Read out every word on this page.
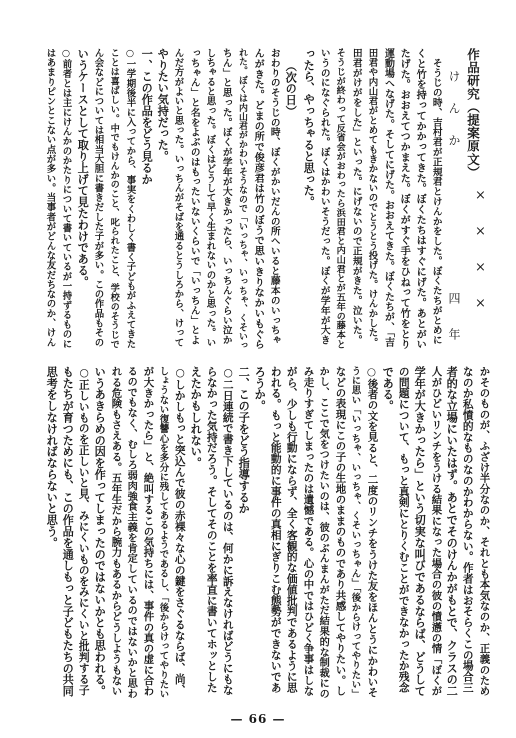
作品研究（提案原文）
×　×　×　×
け　ん　か
四　年
　そうじの時、吉村君が正規君とけんかをした。ぼくたちがとめに
くと竹を持ってかかってきた。ぼくたちはすぐにげた。あとがい
たげた。おおえてつかまえた。ぼくがすぐ手をひねって竹をとり
運動場へなげた。そしてにげた。おおえてきた。ぼくたちが、「吉
田君や内山君がとめてもきかないのでとうとう投げた。けんかした。
田君がけがをした」といった。にげないので正規がきた。泣いた。
そうじが終わって反省会がおわったら浜田君と内山君とが五年の藤本と
いうのになぐられた。ぼくはかわいそうだった。ぼくが学年が大き
ったら、やっちゃると思った。
（次の日）
おわりのそうじの時、ぼくがかいだんの所へいると藤本のいっちゃ
んがきた。どまの所で俊彦君は竹のぼうで思いきりなかいもぐら
れた。ぼくは内山君がかわいそうなので「いっちゃ、いっちゃ、くそいっ
ちん」と思った。ぼくが学年が大きかったら、いっちんぐらい泣か
しちゃると思った。ぼくはどうして早く生まれないのかと思った。い
っちゃん」と名をよぶのはもったいないくらいで「いっちん」とよ
んだ方がよいと思った。いっちんがそばを通るとうしろから、けって
やりたい気持だった。
一、この作品をどう見るか
○一学期後半に入ってから、事実をくわしく書く子どもがふえてきた
ことは喜ばしい。中でもけんかのこと、叱られたこと、学校のそうじで
ん会などについては相当大胆に書きだした子が多い。この作品もその
いうケースとして取り上げて見たわけである。
○前者とは主にけんかのかたりについて書いているが一持ずるものに
はあまりピンとこない点が多い。当事者がどんな友だちなのか、けん
かそのものが、ふざけ半分なのか、それとも本気なのか、正義のため
なのか私憤的なものなのかわからない。作者はおそらくこの場合三
者的な立場にいたはず。あとでそのけんかがもとで、クラスの二
人がひどいリンチをうける結果になった場合の彼の憤懣の情「ぼくが
学年が大きかったら」という切実な叫びであるならば、どうして
の問題について、もっと真剣にとりくむことができなかったか残念
である。
○後者の文を見ると、二度のリンチをうけた友をほんとうにかわいそ
うに思い「いっちゃ、いっちゃ、くそいっちゃん」「後からけってやりたい」
などの表現にこの子の生地のままのものであり共感してやりたい。し
かし、ここで気をつけたいのは、彼のぶんまんがただ結果的な制裁にの
み走りすぎてしまったのは遺憾である。心の中ではひどく争事はしな
がら、少しも行動にならず、全く客観的な価値批判であるように思
われる。もっと能動的に事件の真相にぎりこむ態勢ができないであ
ろうか。
二、この子をどう指導するか
○二日連続で書き下しているのは、何かに訴えなければどうにもな
らなかった気持だろう。そしてそのことを率直に書いてホッとした
えたかもしれない。
○しかしもっと突込んで彼の赤裸々な心の鍵をさぐるならば、尚、
しょうない復讐心を多分に残してあるようであるし、「後からけってやりたい
が大きかったら」と、絶叫するこの気持ちには、事件の真の虚に合わ
るのでもなく、むしろ弱肉強食主義を肯定しているのではないかと思わ
れる危険もさえある。五年生だから腕力もあるからどうしようもない
いうあきらめの因を作ってしまったのではないかとも思われる。
○正しいものを正しいと見、みにくいものをみにくいと批判する子
もたちが育つためにも、この作品を通しもっと子どもたちの共同
思考をしなければならないと思う。
— 66 —
